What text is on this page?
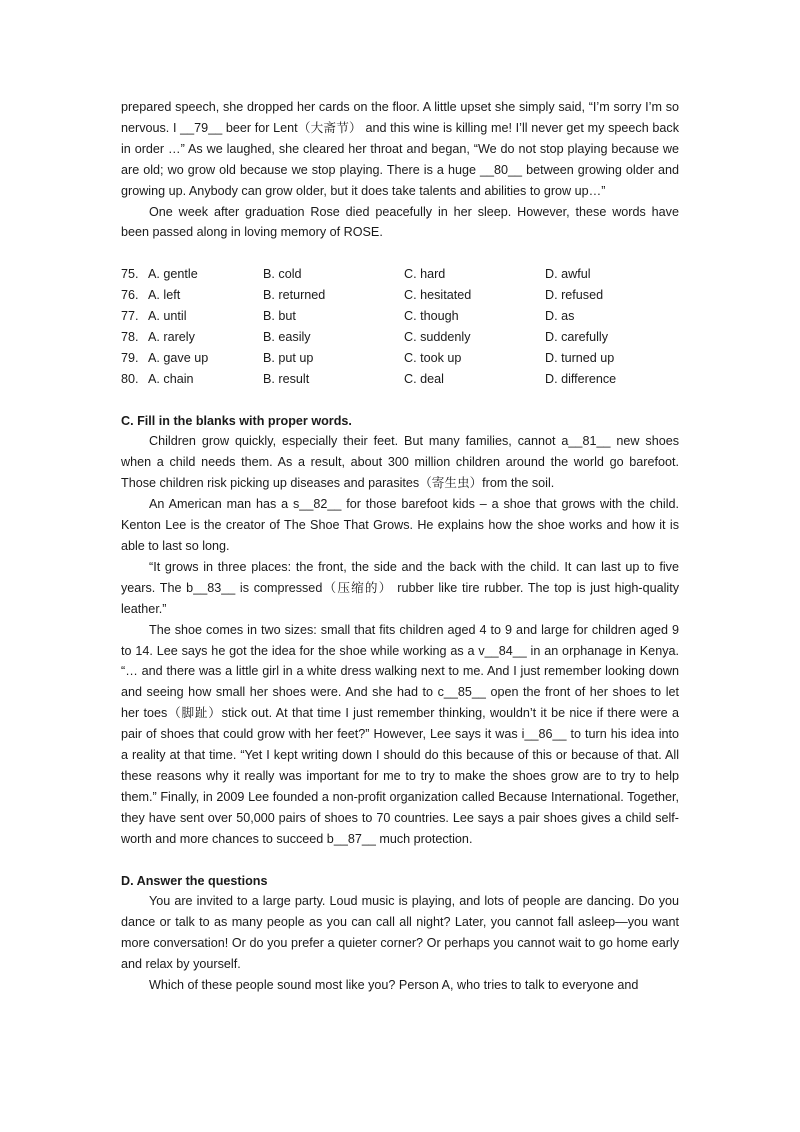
prepared speech, she dropped her cards on the floor. A little upset she simply said, “I’m sorry I’m so nervous. I __79__ beer for Lent（大斋节） and this wine is killing me! I’ll never get my speech back in order …” As we laughed, she cleared her throat and began, “We do not stop playing because we are old; wo grow old because we stop playing. There is a huge __80__ between growing older and growing up. Anybody can grow older, but it does take talents and abilities to grow up…”

One week after graduation Rose died peacefully in her sleep. However, these words have been passed along in loving memory of ROSE.

75. A. gentle	B. cold	C. hard	D. awful
76. A. left	B. returned	C. hesitated	D. refused
77. A. until	B. but	C. though	D. as
78. A. rarely	B. easily	C. suddenly	D. carefully
79. A. gave up	B. put up	C. took up	D. turned up
80. A. chain	B. result	C. deal	D. difference

C. Fill in the blanks with proper words.

Children grow quickly, especially their feet. But many families, cannot a__81__ new shoes when a child needs them. As a result, about 300 million children around the world go barefoot. Those children risk picking up diseases and parasites（寄生虫）from the soil.

An American man has a s__82__ for those barefoot kids – a shoe that grows with the child. Kenton Lee is the creator of The Shoe That Grows. He explains how the shoe works and how it is able to last so long.

“It grows in three places: the front, the side and the back with the child. It can last up to five years. The b__83__ is compressed（压缩的） rubber like tire rubber. The top is just high-quality leather.”

The shoe comes in two sizes: small that fits children aged 4 to 9 and large for children aged 9 to 14. Lee says he got the idea for the shoe while working as a v__84__ in an orphanage in Kenya. “… and there was a little girl in a white dress walking next to me. And I just remember looking down and seeing how small her shoes were. And she had to c__85__ open the front of her shoes to let her toes（脚趾）stick out. At that time I just remember thinking, wouldn’t it be nice if there were a pair of shoes that could grow with her feet?” However, Lee says it was i__86__ to turn his idea into a reality at that time. “Yet I kept writing down I should do this because of this or because of that. All these reasons why it really was important for me to try to make the shoes grow are to try to help them.” Finally, in 2009 Lee founded a non-profit organization called Because International. Together, they have sent over 50,000 pairs of shoes to 70 countries. Lee says a pair shoes gives a child self-worth and more chances to succeed b__87__ much protection.

D. Answer the questions

You are invited to a large party. Loud music is playing, and lots of people are dancing. Do you dance or talk to as many people as you can call all night? Later, you cannot fall asleep—you want more conversation! Or do you prefer a quieter corner? Or perhaps you cannot wait to go home early and relax by yourself.

Which of these people sound most like you? Person A, who tries to talk to everyone and
